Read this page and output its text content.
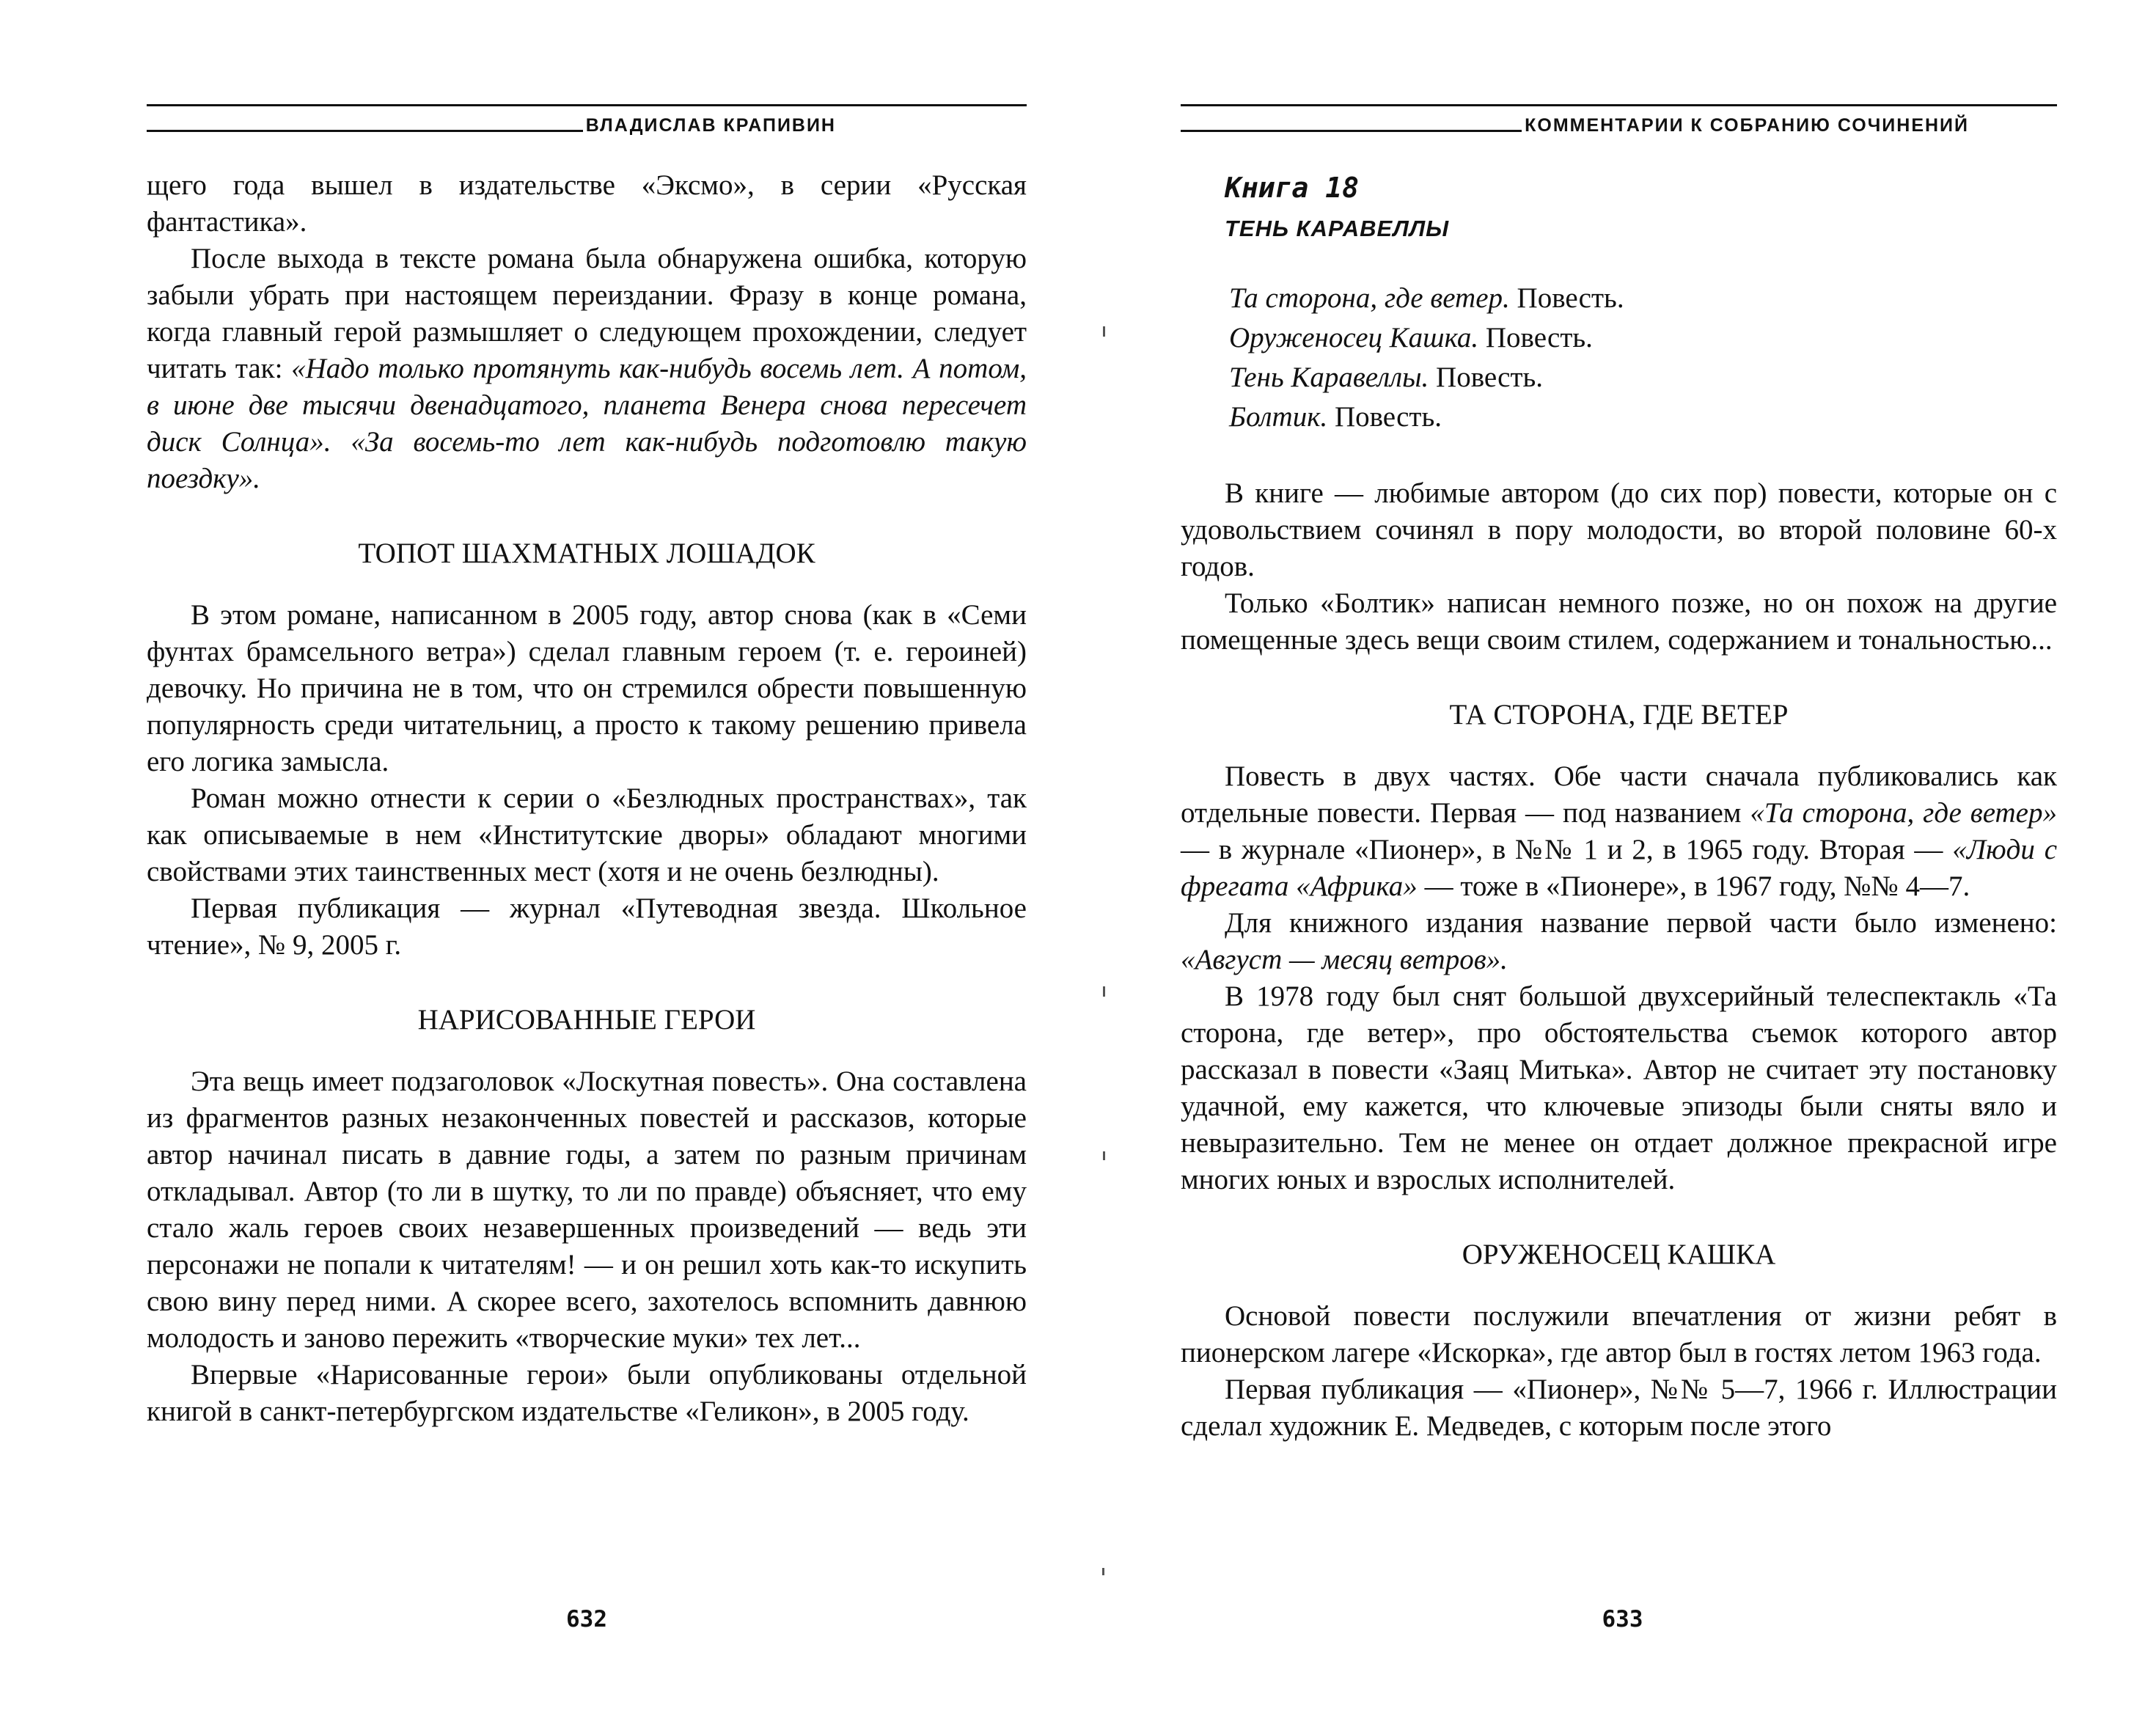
ВЛАДИСЛАВ КРАПИВИН

щего года вышел в издательстве «Эксмо», в серии «Русская фантастика».

После выхода в тексте романа была обнаружена ошибка, которую забыли убрать при настоящем переиздании. Фразу в конце романа, когда главный герой размышляет о следующем прохождении, следует читать так: «Надо только протянуть как-нибудь восемь лет. А потом, в июне две тысячи двенадцатого, планета Венера снова пересечет диск Солнца». «За восемь-то лет как-нибудь подготовлю такую поездку».

ТОПОТ ШАХМАТНЫХ ЛОШАДОК

В этом романе, написанном в 2005 году, автор снова (как в «Семи фунтах брамсельного ветра») сделал главным героем (т. е. героиней) девочку. Но причина не в том, что он стремился обрести повышенную популярность среди читательниц, а просто к такому решению привела его логика замысла.

Роман можно отнести к серии о «Безлюдных пространствах», так как описываемые в нем «Институтские дворы» обладают многими свойствами этих таинственных мест (хотя и не очень безлюдны).

Первая публикация — журнал «Путеводная звезда. Школьное чтение», № 9, 2005 г.

НАРИСОВАННЫЕ ГЕРОИ

Эта вещь имеет подзаголовок «Лоскутная повесть». Она составлена из фрагментов разных незаконченных повестей и рассказов, которые автор начинал писать в давние годы, а затем по разным причинам откладывал. Автор (то ли в шутку, то ли по правде) объясняет, что ему стало жаль героев своих незавершенных произведений — ведь эти персонажи не попали к читателям! — и он решил хоть как-то искупить свою вину перед ними. А скорее всего, захотелось вспомнить давнюю молодость и заново пережить «творческие муки» тех лет...

Впервые «Нарисованные герои» были опубликованы отдельной книгой в санкт-петербургском издательстве «Геликон», в 2005 году.

632
КОММЕНТАРИИ К СОБРАНИЮ СОЧИНЕНИЙ

Книга 18

ТЕНЬ КАРАВЕЛЛЫ

Та сторона, где ветер. Повесть.
Оруженосец Кашка. Повесть.
Тень Каравеллы. Повесть.
Болтик. Повесть.

В книге — любимые автором (до сих пор) повести, которые он с удовольствием сочинял в пору молодости, во второй половине 60-х годов.

Только «Болтик» написан немного позже, но он похож на другие помещенные здесь вещи своим стилем, содержанием и тональностью...

ТА СТОРОНА, ГДЕ ВЕТЕР

Повесть в двух частях. Обе части сначала публиковались как отдельные повести. Первая — под названием «Та сторона, где ветер» — в журнале «Пионер», в №№ 1 и 2, в 1965 году. Вторая — «Люди с фрегата «Африка» — тоже в «Пионере», в 1967 году, №№ 4—7.

Для книжного издания название первой части было изменено: «Август — месяц ветров».

В 1978 году был снят большой двухсерийный телеспектакль «Та сторона, где ветер», про обстоятельства съемок которого автор рассказал в повести «Заяц Митька». Автор не считает эту постановку удачной, ему кажется, что ключевые эпизоды были сняты вяло и невыразительно. Тем не менее он отдает должное прекрасной игре многих юных и взрослых исполнителей.

ОРУЖЕНОСЕЦ КАШКА

Основой повести послужили впечатления от жизни ребят в пионерском лагере «Искорка», где автор был в гостях летом 1963 года.

Первая публикация — «Пионер», №№ 5—7, 1966 г. Иллюстрации сделал художник Е. Медведев, с которым после этого

633
